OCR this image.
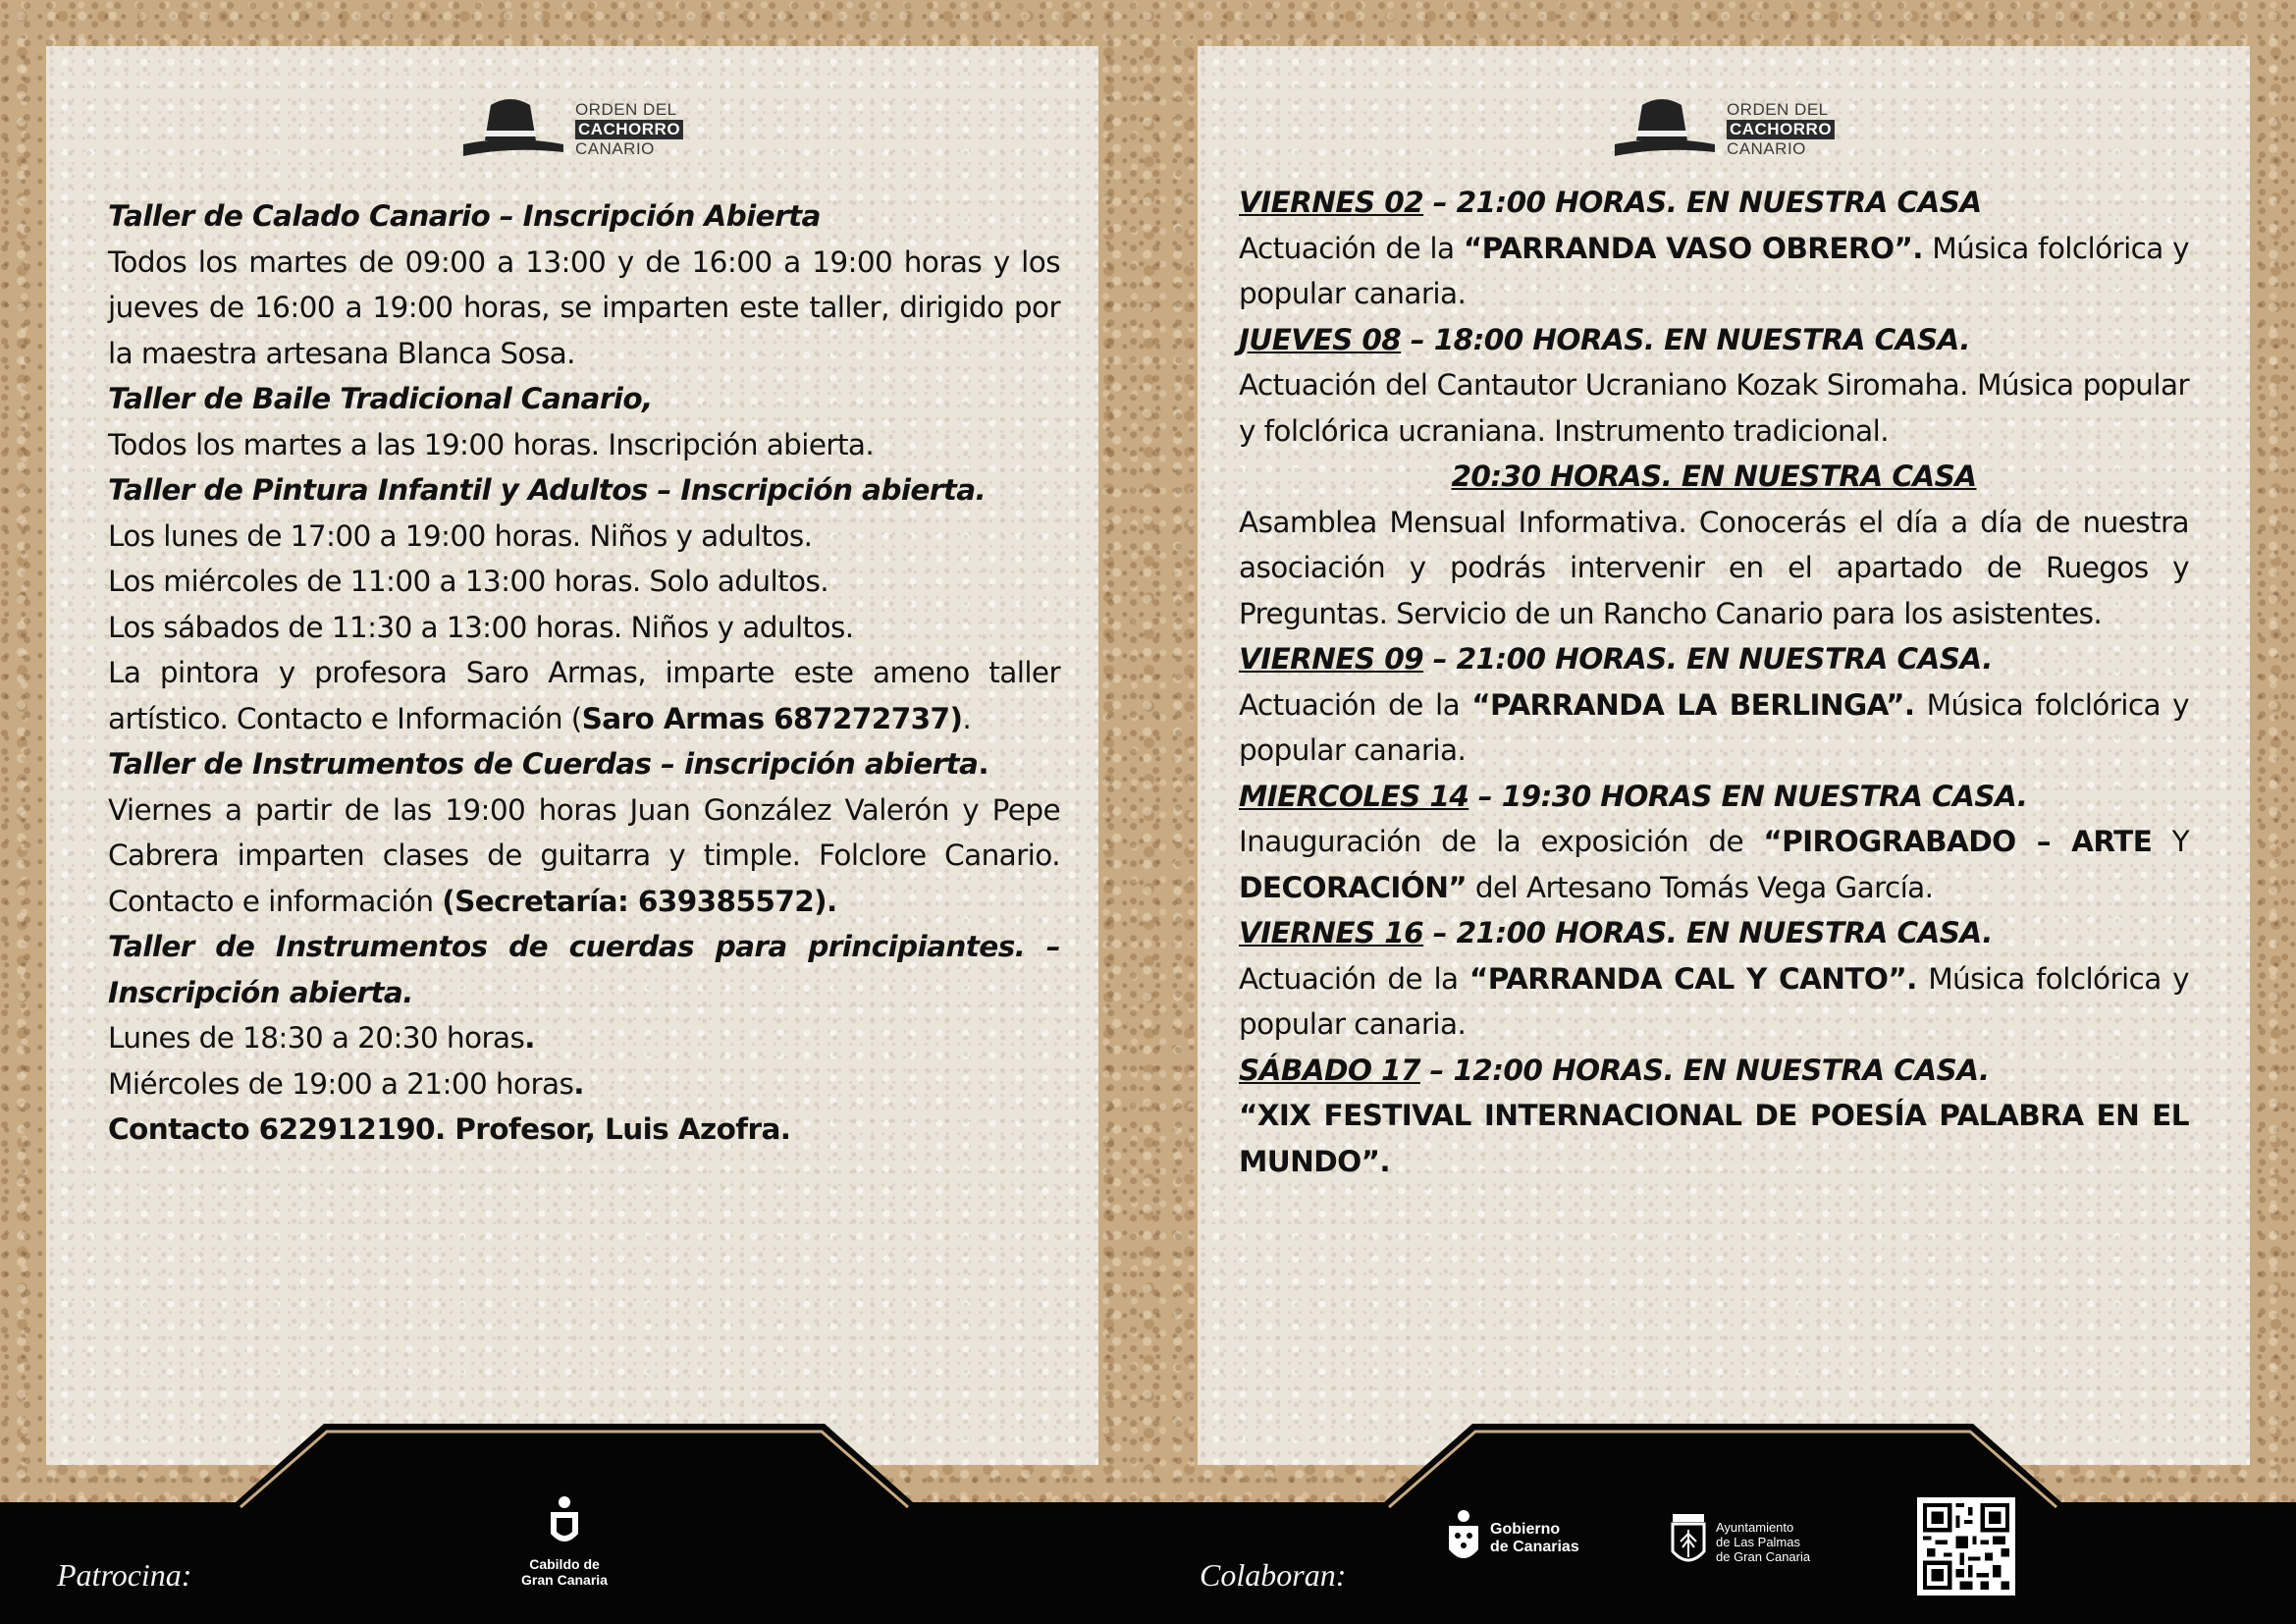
ORDEN DEL
CACHORRO
CANARIO

Taller de Calado Canario – Inscripción Abierta

Todos los martes de 09:00 a 13:00 y de 16:00 a 19:00 horas y los jueves de 16:00 a 19:00 horas, se imparten este taller, dirigido por la maestra artesana Blanca Sosa.

Taller de Baile Tradicional Canario,

Todos los martes a las 19:00 horas. Inscripción abierta.

Taller de Pintura Infantil y Adultos – Inscripción abierta.

Los lunes de 17:00 a 19:00 horas. Niños y adultos.

Los miércoles de 11:00 a 13:00 horas. Solo adultos.

Los sábados de 11:30 a 13:00 horas. Niños y adultos.

La pintora y profesora Saro Armas, imparte este ameno taller artístico. Contacto e Información (Saro Armas 687272737).

Taller de Instrumentos de Cuerdas – inscripción abierta.

Viernes a partir de las 19:00 horas Juan González Valerón y Pepe Cabrera imparten clases de guitarra y timple. Folclore Canario. Contacto e información (Secretaría: 639385572).

Taller de Instrumentos de cuerdas para principiantes. – Inscripción abierta.

Lunes de 18:30 a 20:30 horas.

Miércoles de 19:00 a 21:00 horas.

Contacto 622912190. Profesor, Luis Azofra.

ORDEN DEL
CACHORRO
CANARIO

VIERNES 02 – 21:00 HORAS. EN NUESTRA CASA

Actuación de la “PARRANDA VASO OBRERO”. Música folclórica y popular canaria.

JUEVES 08 – 18:00 HORAS. EN NUESTRA CASA.

Actuación del Cantautor Ucraniano Kozak Siromaha. Música popular y folclórica ucraniana. Instrumento tradicional.

20:30 HORAS. EN NUESTRA CASA

Asamblea Mensual Informativa. Conocerás el día a día de nuestra asociación y podrás intervenir en el apartado de Ruegos y Preguntas. Servicio de un Rancho Canario para los asistentes.

VIERNES 09 – 21:00 HORAS. EN NUESTRA CASA.

Actuación de la “PARRANDA LA BERLINGA”. Música folclórica y popular canaria.

MIERCOLES 14 – 19:30 HORAS EN NUESTRA CASA.

Inauguración de la exposición de “PIROGRABADO – ARTE Y DECORACIÓN” del Artesano Tomás Vega García.

VIERNES 16 – 21:00 HORAS. EN NUESTRA CASA.

Actuación de la “PARRANDA CAL Y CANTO”. Música folclórica y popular canaria.

SÁBADO 17 – 12:00 HORAS. EN NUESTRA CASA.

“XIX FESTIVAL INTERNACIONAL DE POESÍA PALABRA EN EL MUNDO”.

Patrocina:	Colaboran:
Cabildo de
Gran Canaria
Gobierno
de Canarias
Ayuntamiento
de Las Palmas
de Gran Canaria
